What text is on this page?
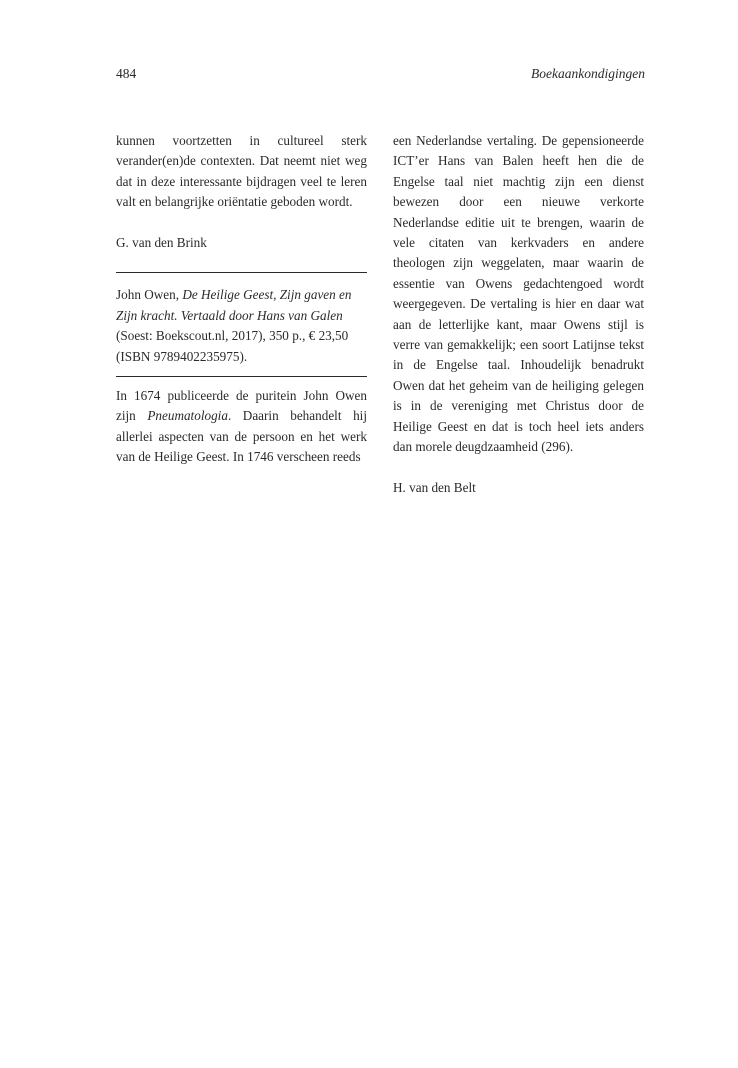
484	Boekaankondigingen

kunnen voortzetten in cultureel sterk verander(en)de contexten. Dat neemt niet weg dat in deze interessante bijdragen veel te leren valt en belangrijke oriëntatie geboden wordt.

G. van den Brink

John Owen, De Heilige Geest, Zijn gaven en Zijn kracht. Vertaald door Hans van Galen (Soest: Boekscout.nl, 2017), 350 p., € 23,50 (ISBN 9789402235975).

In 1674 publiceerde de puritein John Owen zijn Pneumatologia. Daarin behandelt hij allerlei aspecten van de persoon en het werk van de Heilige Geest. In 1746 verscheen reeds

een Nederlandse vertaling. De gepensioneerde ICT’er Hans van Balen heeft hen die de Engelse taal niet machtig zijn een dienst bewezen door een nieuwe verkorte Nederlandse editie uit te brengen, waarin de vele citaten van kerkvaders en andere theologen zijn weggelaten, maar waarin de essentie van Owens gedachtengoed wordt weergegeven. De vertaling is hier en daar wat aan de letterlijke kant, maar Owens stijl is verre van gemakkelijk; een soort Latijnse tekst in de Engelse taal. Inhoudelijk benadrukt Owen dat het geheim van de heiliging gelegen is in de vereniging met Christus door de Heilige Geest en dat is toch heel iets anders dan morele deugdzaamheid (296).

H. van den Belt
